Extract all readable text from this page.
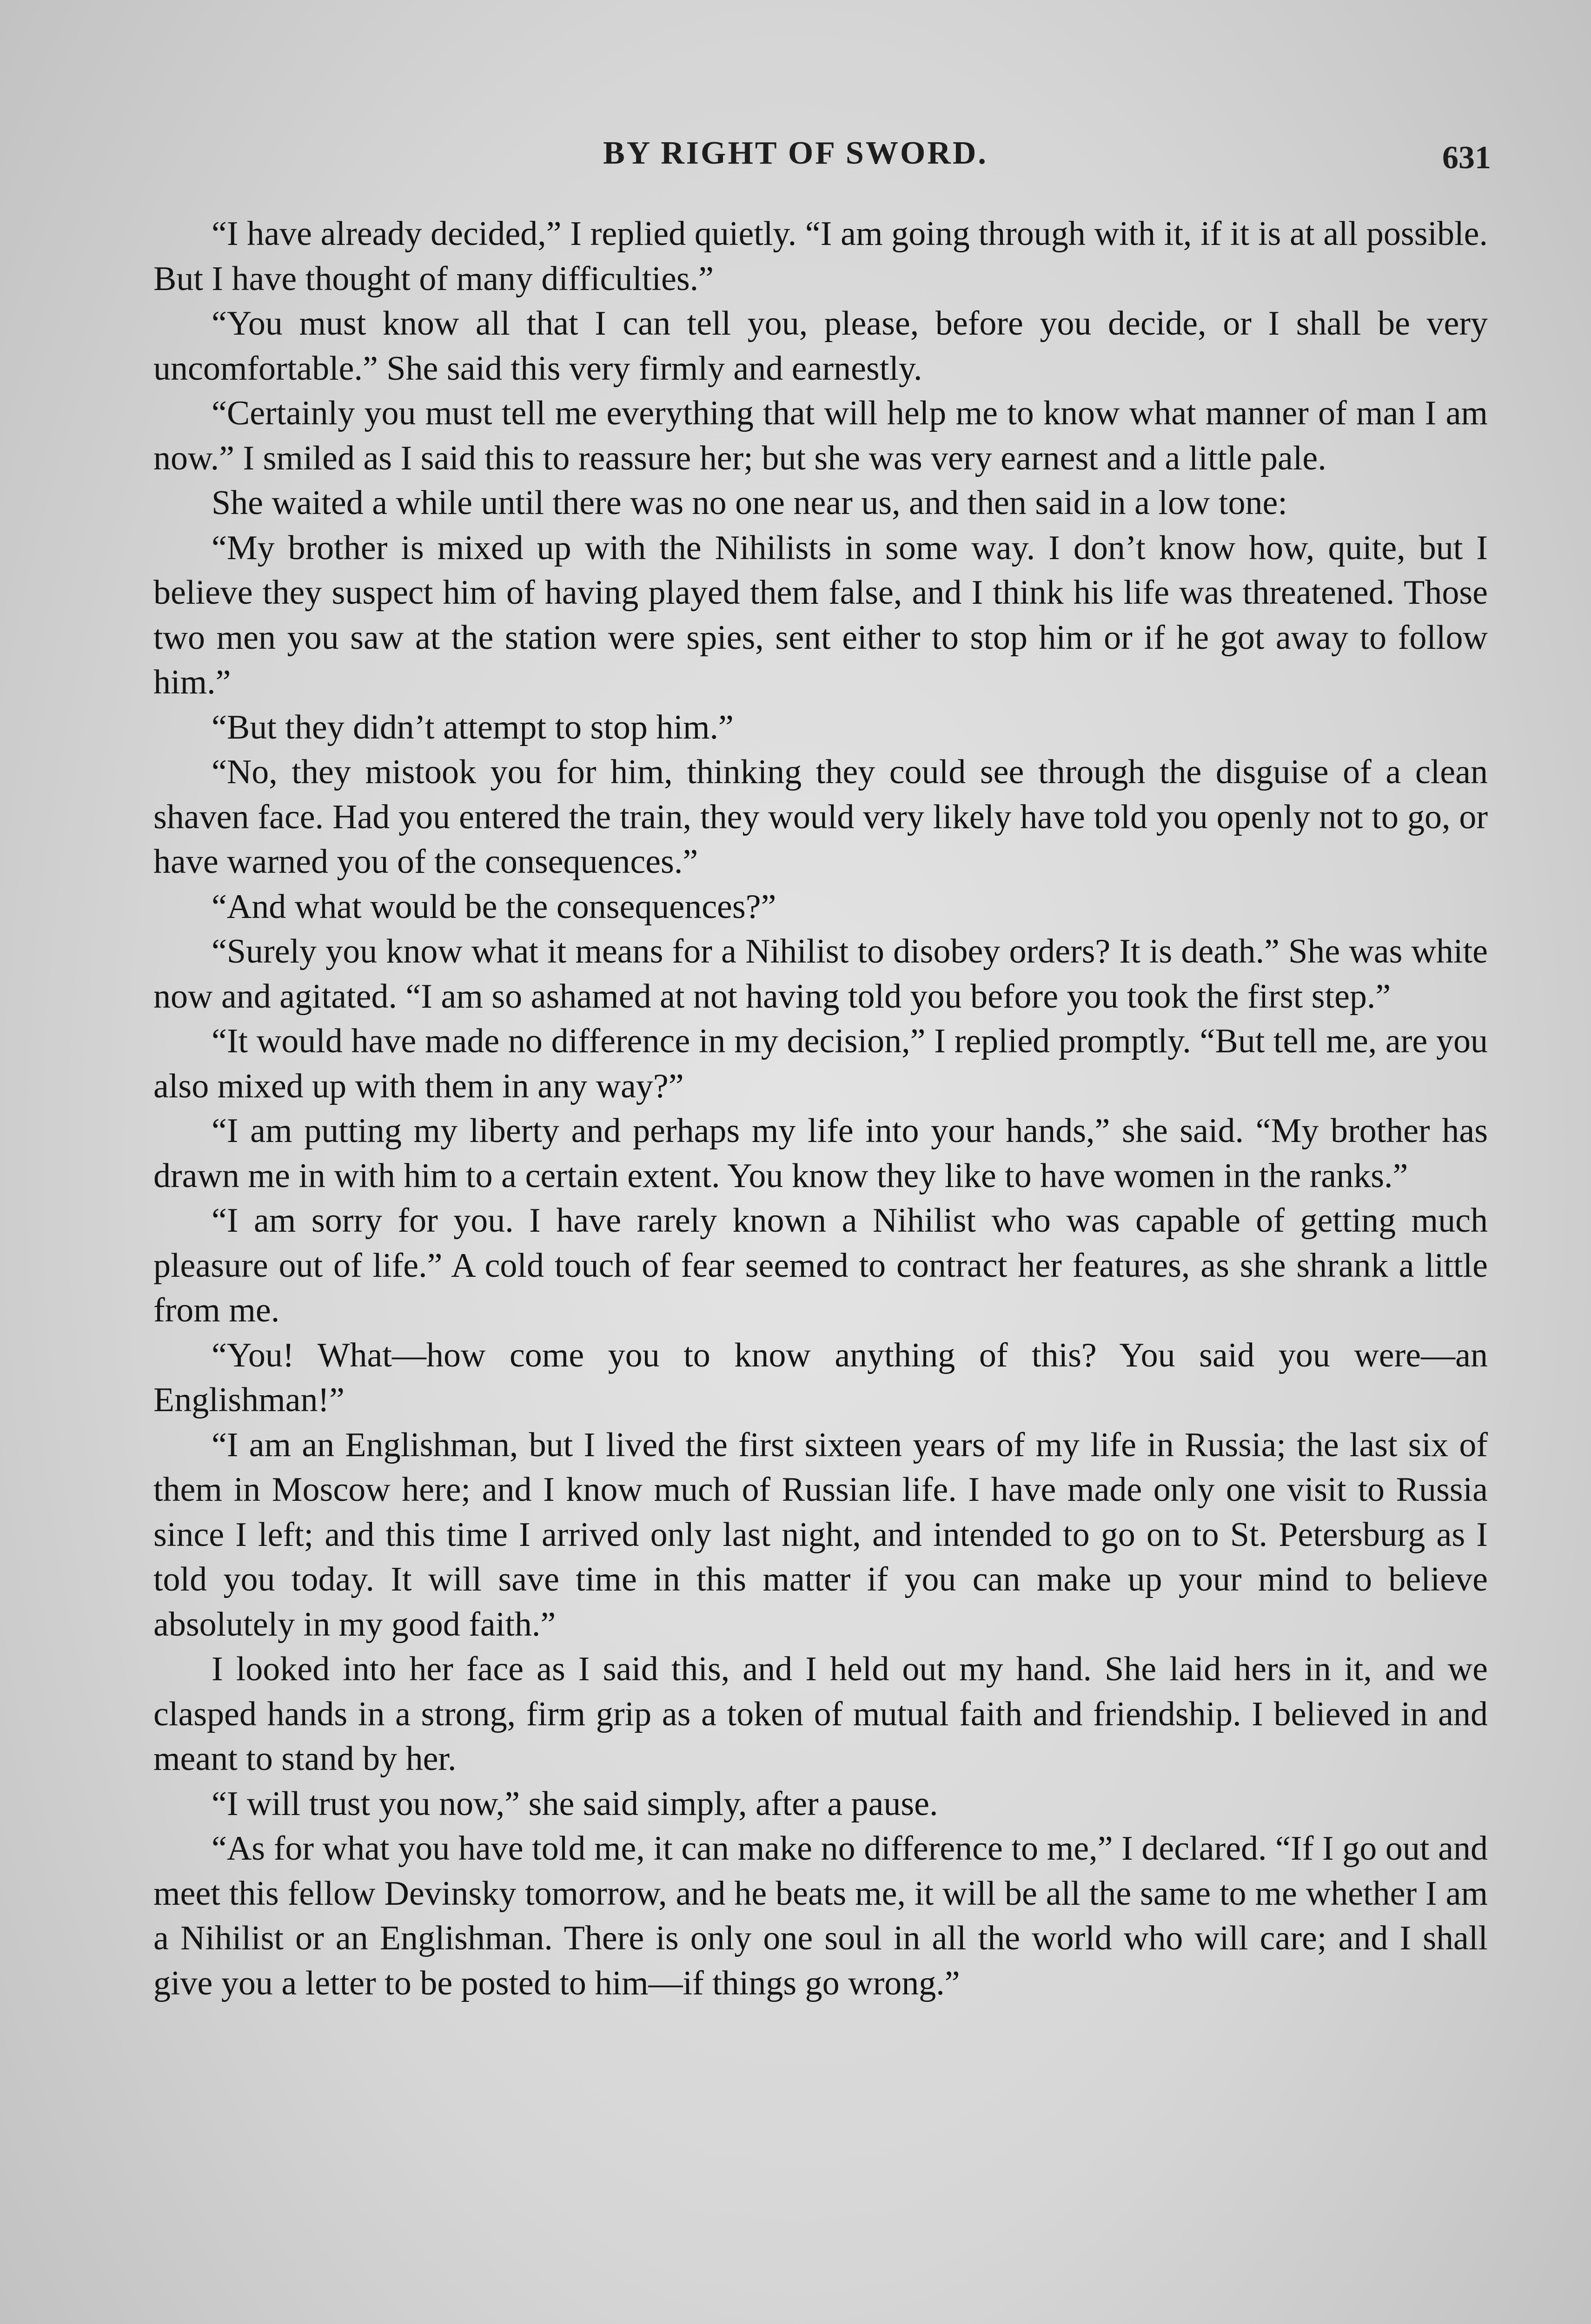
BY RIGHT OF SWORD.	631

“I have already decided,” I replied quietly. “I am going through with it, if it is at all possible. But I have thought of many difficulties.”

“You must know all that I can tell you, please, before you decide, or I shall be very uncomfortable.” She said this very firmly and earnestly.

“Certainly you must tell me everything that will help me to know what manner of man I am now.” I smiled as I said this to reassure her; but she was very earnest and a little pale.

She waited a while until there was no one near us, and then said in a low tone:

“My brother is mixed up with the Nihilists in some way. I don’t know how, quite, but I believe they suspect him of having played them false, and I think his life was threatened. Those two men you saw at the station were spies, sent either to stop him or if he got away to follow him.”

“But they didn’t attempt to stop him.”

“No, they mistook you for him, thinking they could see through the disguise of a clean shaven face. Had you entered the train, they would very likely have told you openly not to go, or have warned you of the consequences.”

“And what would be the consequences?”

“Surely you know what it means for a Nihilist to disobey orders? It is death.” She was white now and agitated. “I am so ashamed at not having told you before you took the first step.”

“It would have made no difference in my decision,” I replied promptly. “But tell me, are you also mixed up with them in any way?”

“I am putting my liberty and perhaps my life into your hands,” she said. “My brother has drawn me in with him to a certain extent. You know they like to have women in the ranks.”

“I am sorry for you. I have rarely known a Nihilist who was capable of getting much pleasure out of life.” A cold touch of fear seemed to contract her features, as she shrank a little from me.

“You! What—how come you to know anything of this? You said you were—an Englishman!”

“I am an Englishman, but I lived the first sixteen years of my life in Russia; the last six of them in Moscow here; and I know much of Russian life. I have made only one visit to Russia since I left; and this time I arrived only last night, and intended to go on to St. Petersburg as I told you today. It will save time in this matter if you can make up your mind to believe absolutely in my good faith.”

I looked into her face as I said this, and I held out my hand. She laid hers in it, and we clasped hands in a strong, firm grip as a token of mutual faith and friendship. I believed in and meant to stand by her.

“I will trust you now,” she said simply, after a pause.

“As for what you have told me, it can make no difference to me,” I declared. “If I go out and meet this fellow Devinsky tomorrow, and he beats me, it will be all the same to me whether I am a Nihilist or an Englishman. There is only one soul in all the world who will care; and I shall give you a letter to be posted to him—if things go wrong.”
